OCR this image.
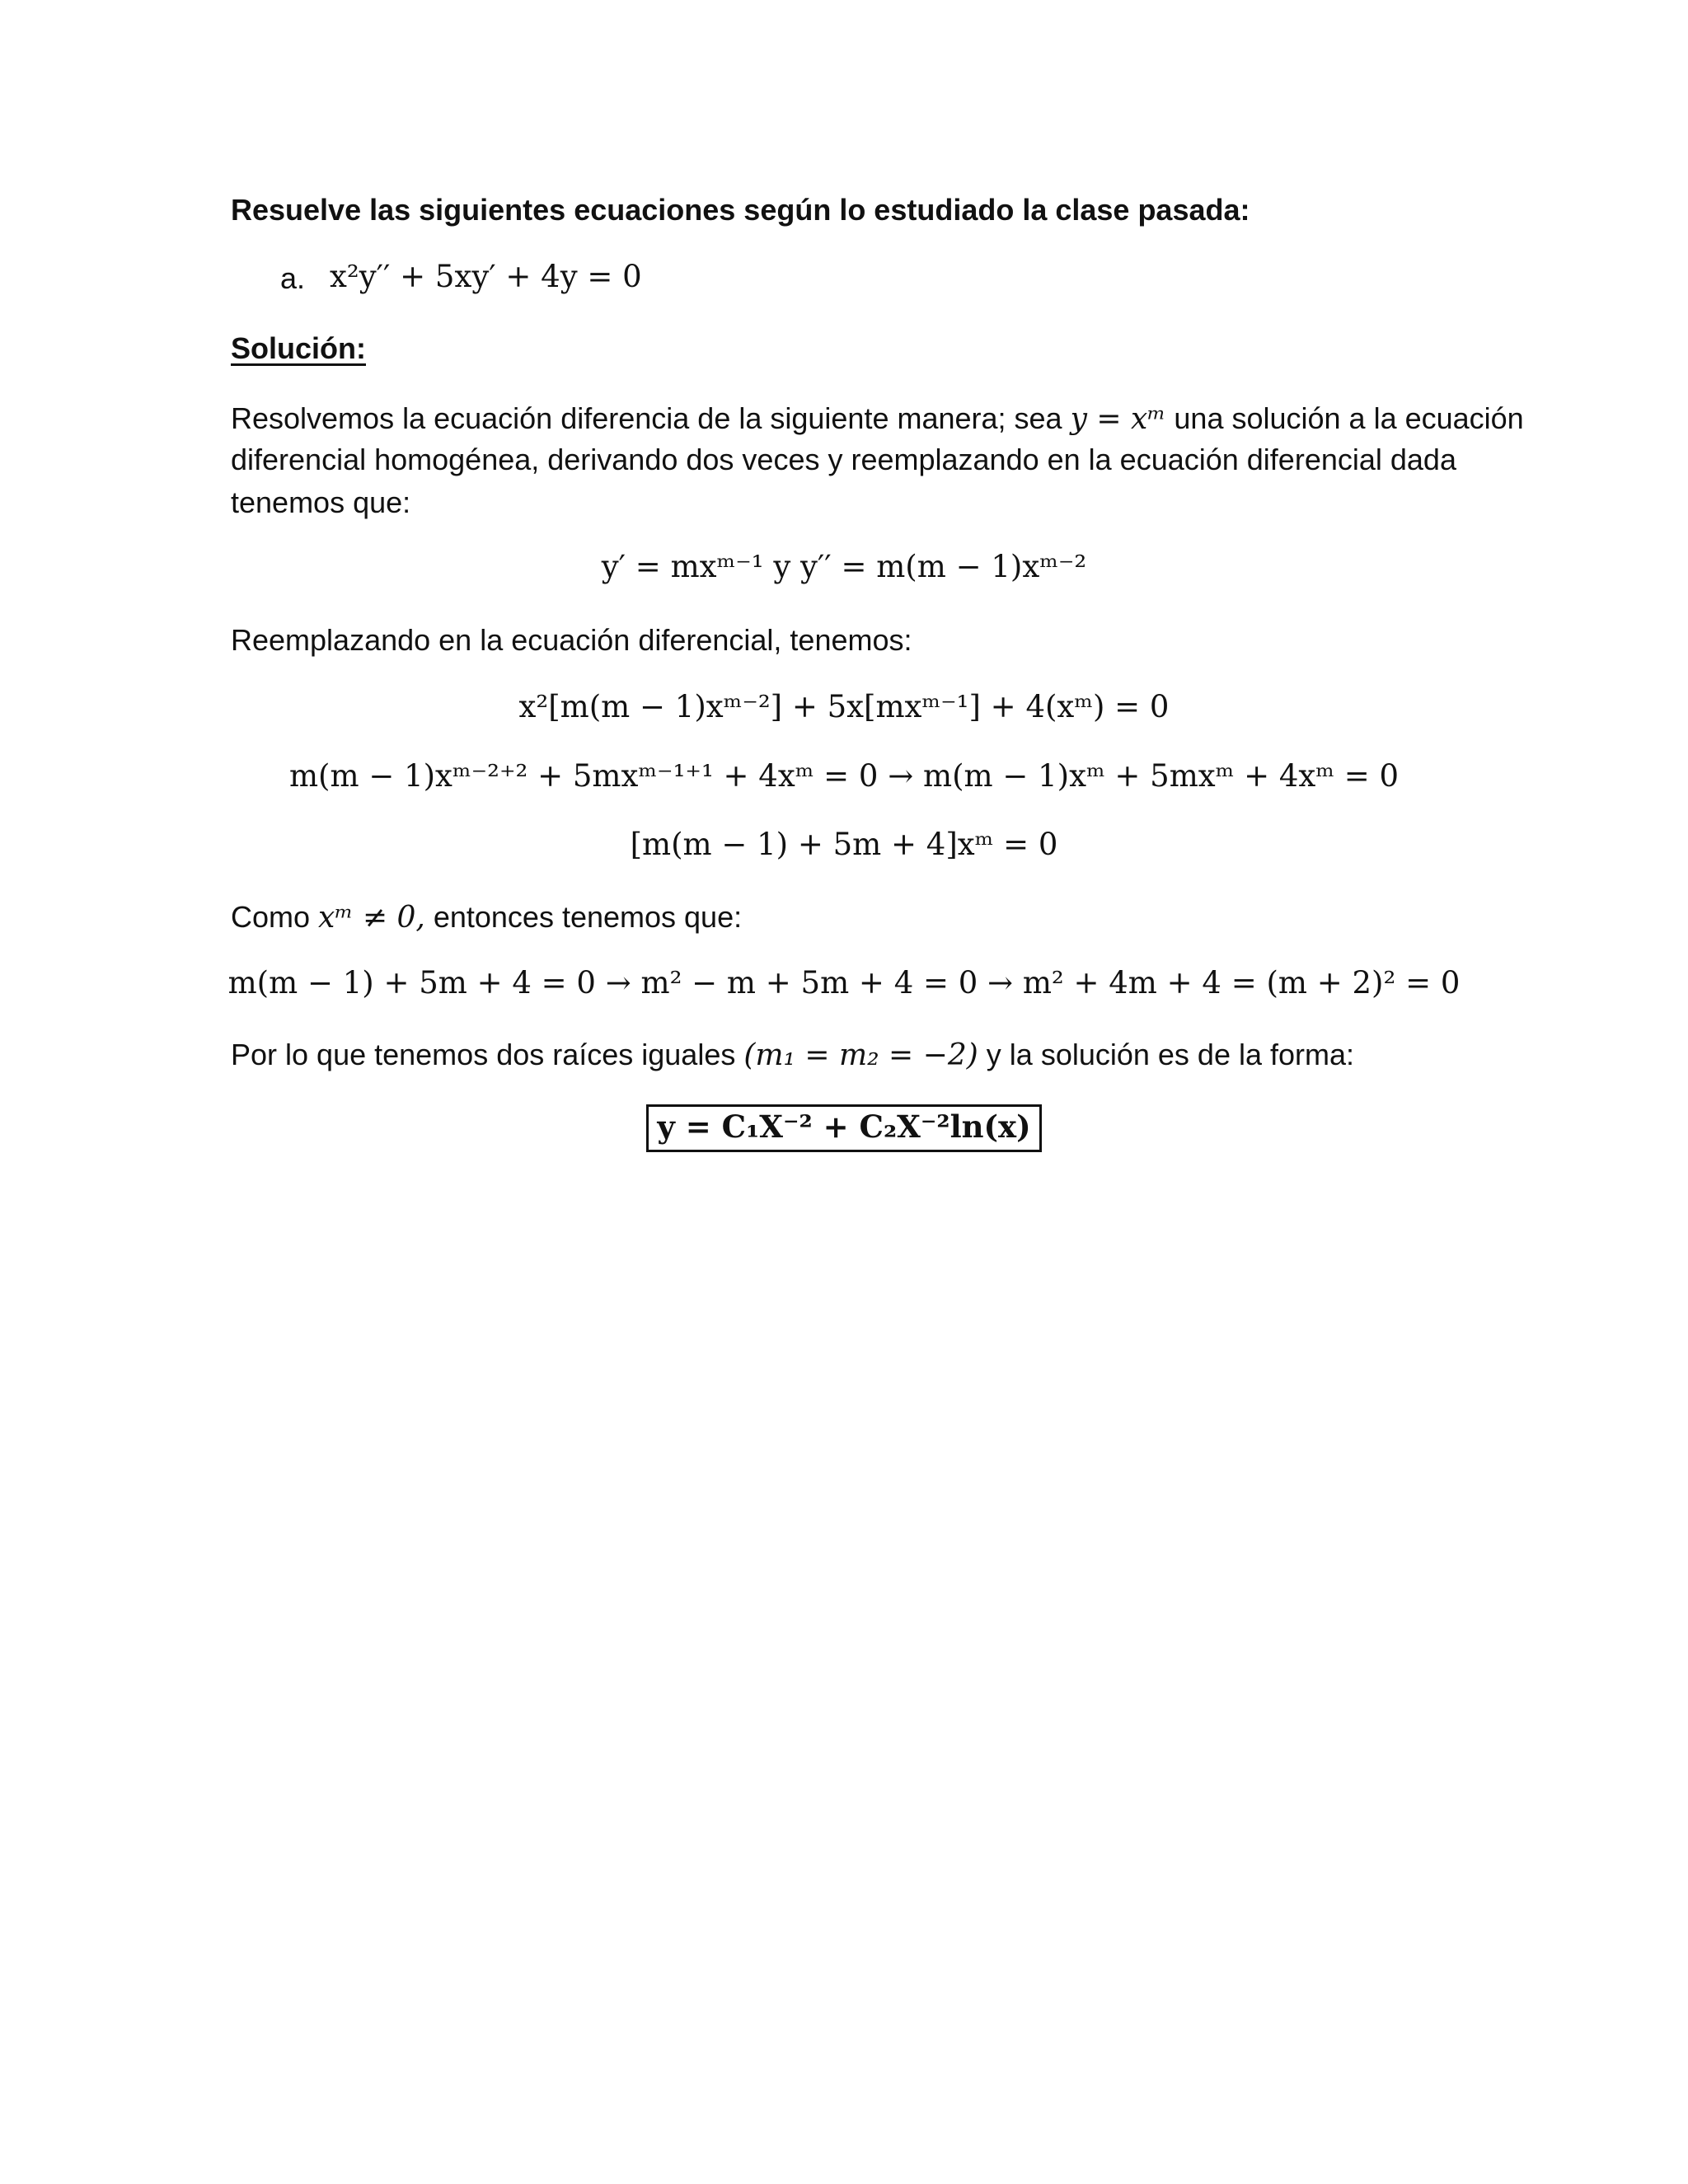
Resuelve las siguientes ecuaciones según lo estudiado la clase pasada:
a. x²y′′ + 5xy′ + 4y = 0
Solución:
Resolvemos la ecuación diferencia de la siguiente manera; sea y = xᵐ una solución a la ecuación
diferencial homogénea, derivando dos veces y reemplazando en la ecuación diferencial dada
tenemos que:
y′ = mxᵐ⁻¹ y y′′ = m(m − 1)xᵐ⁻²
Reemplazando en la ecuación diferencial, tenemos:
x²[m(m − 1)xᵐ⁻²] + 5x[mxᵐ⁻¹] + 4(xᵐ) = 0
m(m − 1)xᵐ⁻²⁺² + 5mxᵐ⁻¹⁺¹ + 4xᵐ = 0 → m(m − 1)xᵐ + 5mxᵐ + 4xᵐ = 0
[m(m − 1) + 5m + 4]xᵐ = 0
Como xᵐ ≠ 0, entonces tenemos que:
m(m − 1) + 5m + 4 = 0 → m² − m + 5m + 4 = 0 → m² + 4m + 4 = (m + 2)² = 0
Por lo que tenemos dos raíces iguales (m₁ = m₂ = −2) y la solución es de la forma:
y = C₁X⁻² + C₂X⁻²ln(x)
